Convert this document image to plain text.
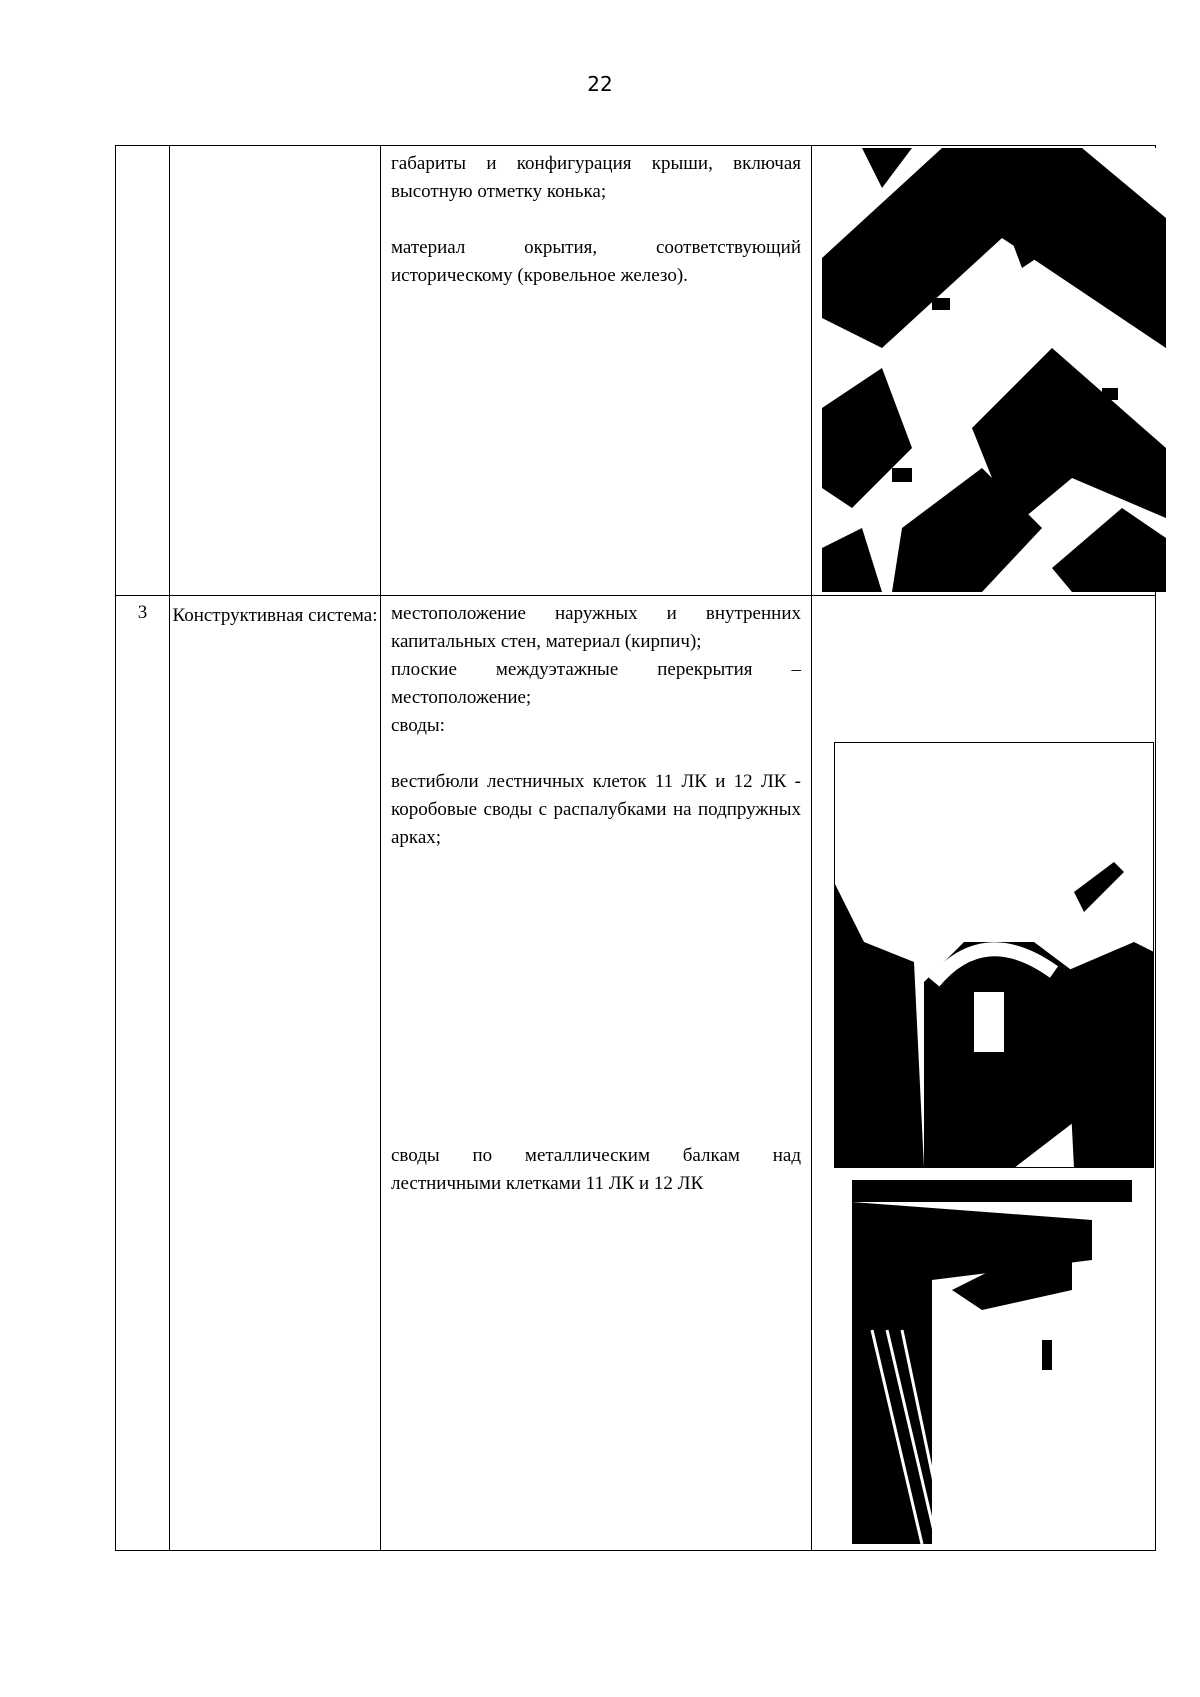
22

		габариты и конфигурация крыши, включая высотную отметку конька;

материал окрытия, соответствующий историческому (кровельное железо).

3	Конструктивная система:	местоположение наружных и внутренних капитальных стен, материал (кирпич);

плоские междуэтажные перекрытия – местоположение;

своды:

вестибюли лестничных клеток 11 ЛК и 12 ЛК - коробовые своды с распалубками на подпружных арках;

своды по металлическим балкам над лестничными клетками 11 ЛК и 12 ЛК
